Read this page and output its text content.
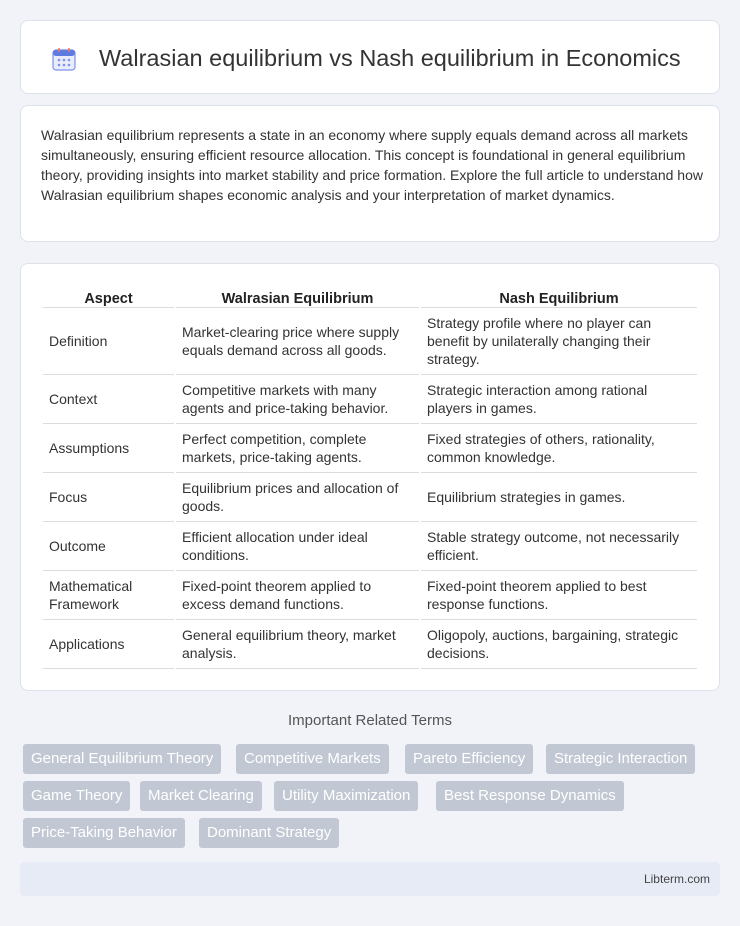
Walrasian equilibrium vs Nash equilibrium in Economics

Walrasian equilibrium represents a state in an economy where supply equals demand across all markets simultaneously, ensuring efficient resource allocation. This concept is foundational in general equilibrium theory, providing insights into market stability and price formation. Explore the full article to understand how Walrasian equilibrium shapes economic analysis and your interpretation of market dynamics.

Aspect	Walrasian Equilibrium	Nash Equilibrium
Definition	Market-clearing price where supply equals demand across all goods.	Strategy profile where no player can benefit by unilaterally changing their strategy.
Context	Competitive markets with many agents and price-taking behavior.	Strategic interaction among rational players in games.
Assumptions	Perfect competition, complete markets, price-taking agents.	Fixed strategies of others, rationality, common knowledge.
Focus	Equilibrium prices and allocation of goods.	Equilibrium strategies in games.
Outcome	Efficient allocation under ideal conditions.	Stable strategy outcome, not necessarily efficient.
Mathematical Framework	Fixed-point theorem applied to excess demand functions.	Fixed-point theorem applied to best response functions.
Applications	General equilibrium theory, market analysis.	Oligopoly, auctions, bargaining, strategic decisions.
Important Related Terms
General Equilibrium Theory	Competitive Markets	Pareto Efficiency	Strategic Interaction
Game Theory	Market Clearing	Utility Maximization	Best Response Dynamics
Price-Taking Behavior	Dominant Strategy
Libterm.com
